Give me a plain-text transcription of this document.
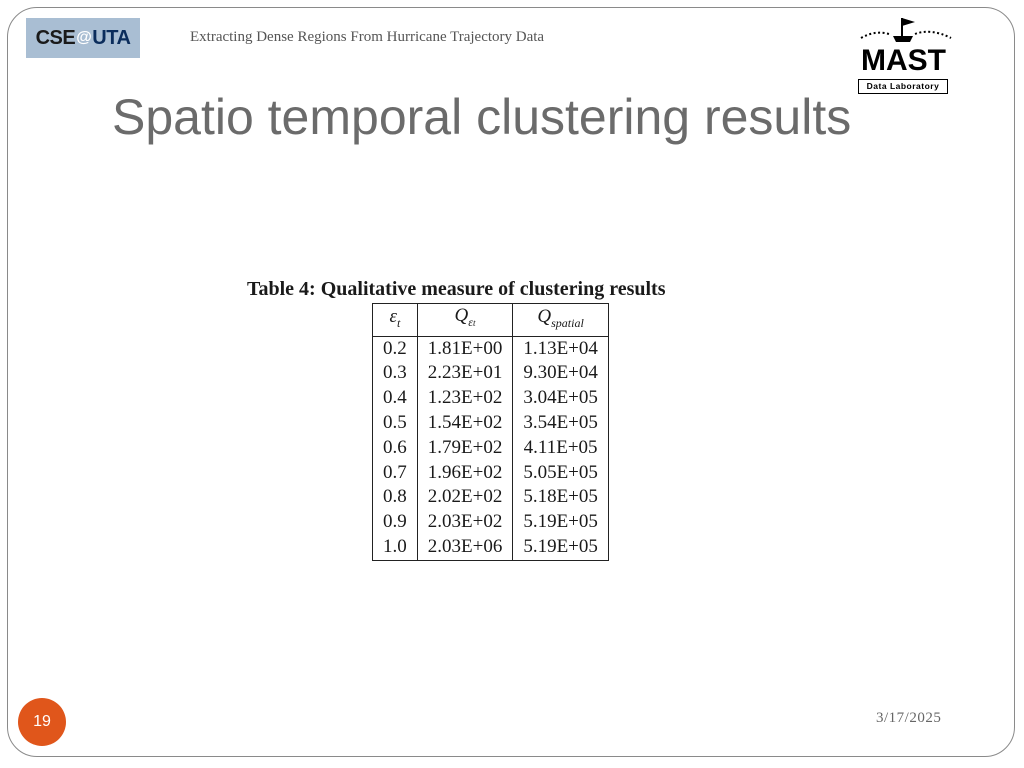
CSE @ UTA	Extracting Dense Regions From Hurricane Trajectory Data
MAST
Data Laboratory
Spatio temporal clustering results
Table 4: Qualitative measure of clustering results
$\varepsilon_t$	$Q_{\varepsilon t}$	$Q_{spatial}$
0.2	1.81E+00	1.13E+04
0.3	2.23E+01	9.30E+04
0.4	1.23E+02	3.04E+05
0.5	1.54E+02	3.54E+05
0.6	1.79E+02	4.11E+05
0.7	1.96E+02	5.05E+05
0.8	2.02E+02	5.18E+05
0.9	2.03E+02	5.19E+05
1.0	2.03E+06	5.19E+05
19	3/17/2025
